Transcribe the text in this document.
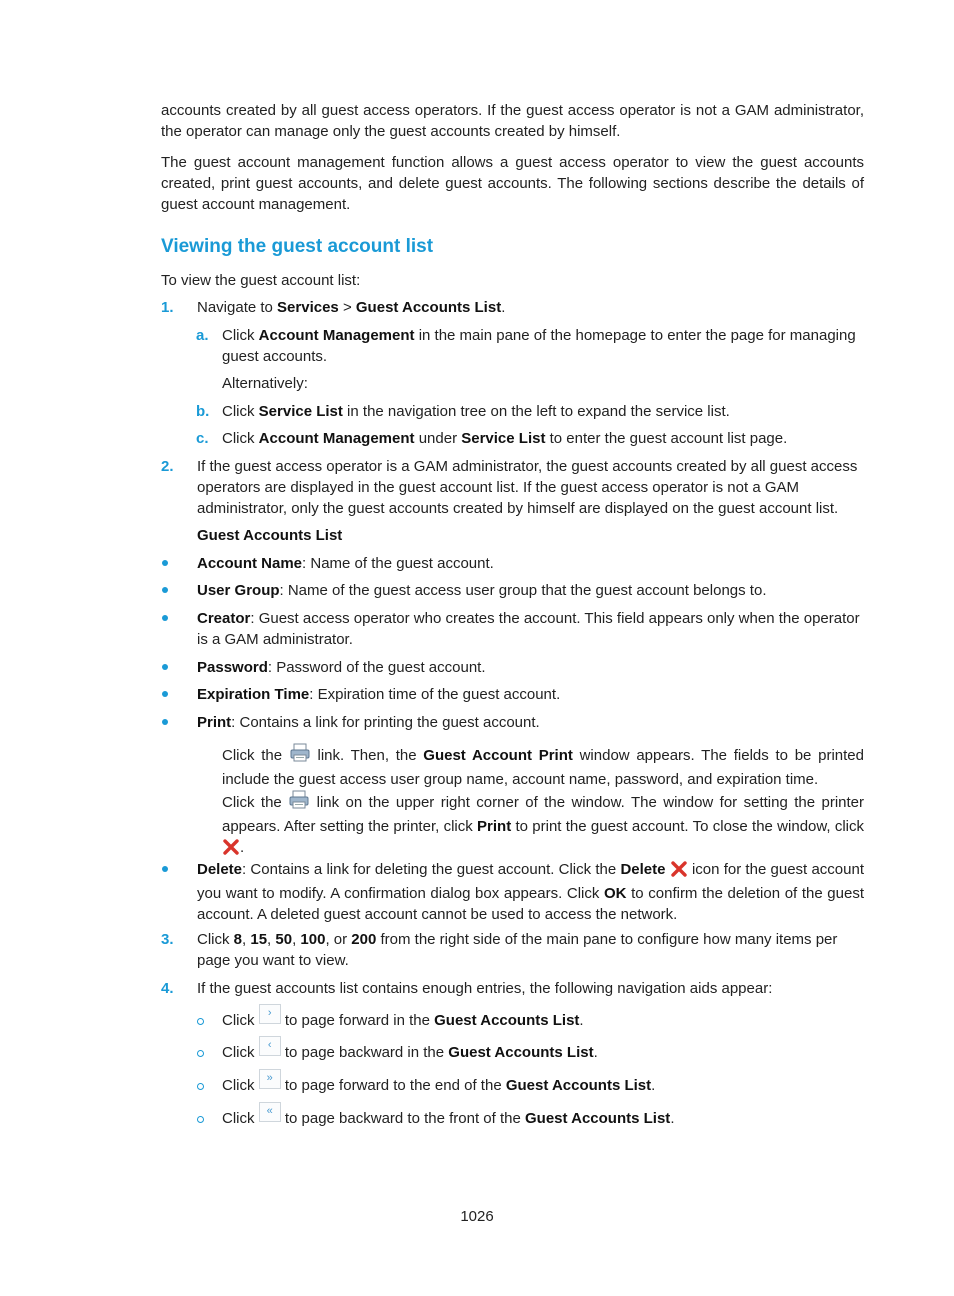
accounts created by all guest access operators. If the guest access operator is not a GAM administrator, the operator can manage only the guest accounts created by himself.

The guest account management function allows a guest access operator to view the guest accounts created, print guest accounts, and delete guest accounts. The following sections describe the details of guest account management.

Viewing the guest account list

To view the guest account list:

1. Navigate to Services > Guest Accounts List.

a. Click Account Management in the main pane of the homepage to enter the page for managing guest accounts.

Alternatively:

b. Click Service List in the navigation tree on the left to expand the service list.

c. Click Account Management under Service List to enter the guest account list page.

2. If the guest access operator is a GAM administrator, the guest accounts created by all guest access operators are displayed in the guest account list. If the guest access operator is not a GAM administrator, only the guest accounts created by himself are displayed on the guest account list.

Guest Accounts List

Account Name: Name of the guest account.

User Group: Name of the guest access user group that the guest account belongs to.

Creator: Guest access operator who creates the account. This field appears only when the operator is a GAM administrator.

Password: Password of the guest account.

Expiration Time: Expiration time of the guest account.

Print: Contains a link for printing the guest account.

Click the  link. Then, the Guest Account Print window appears. The fields to be printed include the guest access user group name, account name, password, and expiration time.

Click the  link on the upper right corner of the window. The window for setting the printer appears. After setting the printer, click Print to print the guest account. To close the window, click .

Delete: Contains a link for deleting the guest account. Click the Delete  icon for the guest account you want to modify. A confirmation dialog box appears. Click OK to confirm the deletion of the guest account. A deleted guest account cannot be used to access the network.

3. Click 8, 15, 50, 100, or 200 from the right side of the main pane to configure how many items per page you want to view.

4. If the guest accounts list contains enough entries, the following navigation aids appear:

Click › to page forward in the Guest Accounts List.

Click ‹ to page backward in the Guest Accounts List.

Click » to page forward to the end of the Guest Accounts List.

Click « to page backward to the front of the Guest Accounts List.

1026
